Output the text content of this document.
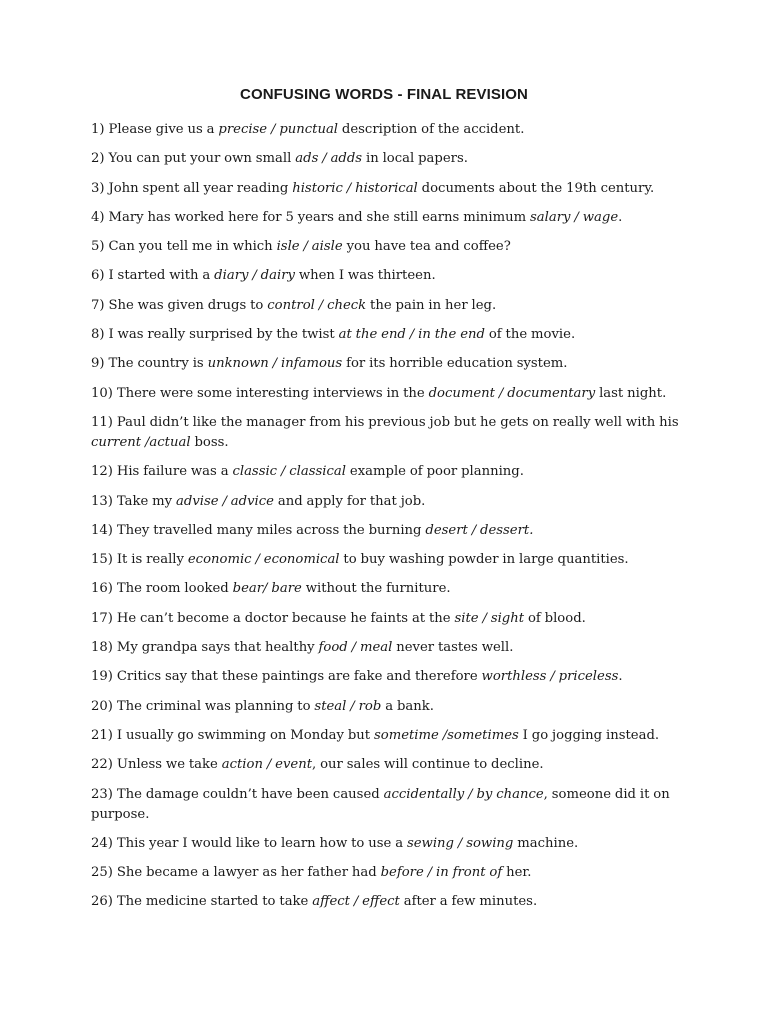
CONFUSING WORDS - FINAL REVISION
1) Please give us a precise / punctual description of the accident.
2) You can put your own small ads / adds in local papers.
3) John spent all year reading historic / historical documents about the 19th century.
4) Mary has worked here for 5 years and she still earns minimum salary / wage.
5) Can you tell me in which isle / aisle you have tea and coffee?
6) I started with a diary / dairy when I was thirteen.
7) She was given drugs to control / check the pain in her leg.
8) I was really surprised by the twist at the end / in the end of the movie.
9) The country is unknown / infamous for its horrible education system.
10) There were some interesting interviews in the document / documentary last night.
11) Paul didn’t like the manager from his previous job but he gets on really well with his current /actual boss.
12) His failure was a classic / classical example of poor planning.
13) Take my advise / advice and apply for that job.
14) They travelled many miles across the burning desert / dessert.
15) It is really economic / economical to buy washing powder in large quantities.
16) The room looked bear/ bare without the furniture.
17) He can’t become a doctor because he faints at the site / sight of blood.
18) My grandpa says that healthy food / meal never tastes well.
19) Critics say that these paintings are fake and therefore worthless / priceless.
20) The criminal was planning to steal / rob a bank.
21) I usually go swimming on Monday but sometime /sometimes I go jogging instead.
22) Unless we take action / event, our sales will continue to decline.
23) The damage couldn’t have been caused accidentally / by chance, someone did it on purpose.
24) This year I would like to learn how to use a sewing / sowing machine.
25) She became a lawyer as her father had before / in front of her.
26) The medicine started to take affect / effect after a few minutes.
